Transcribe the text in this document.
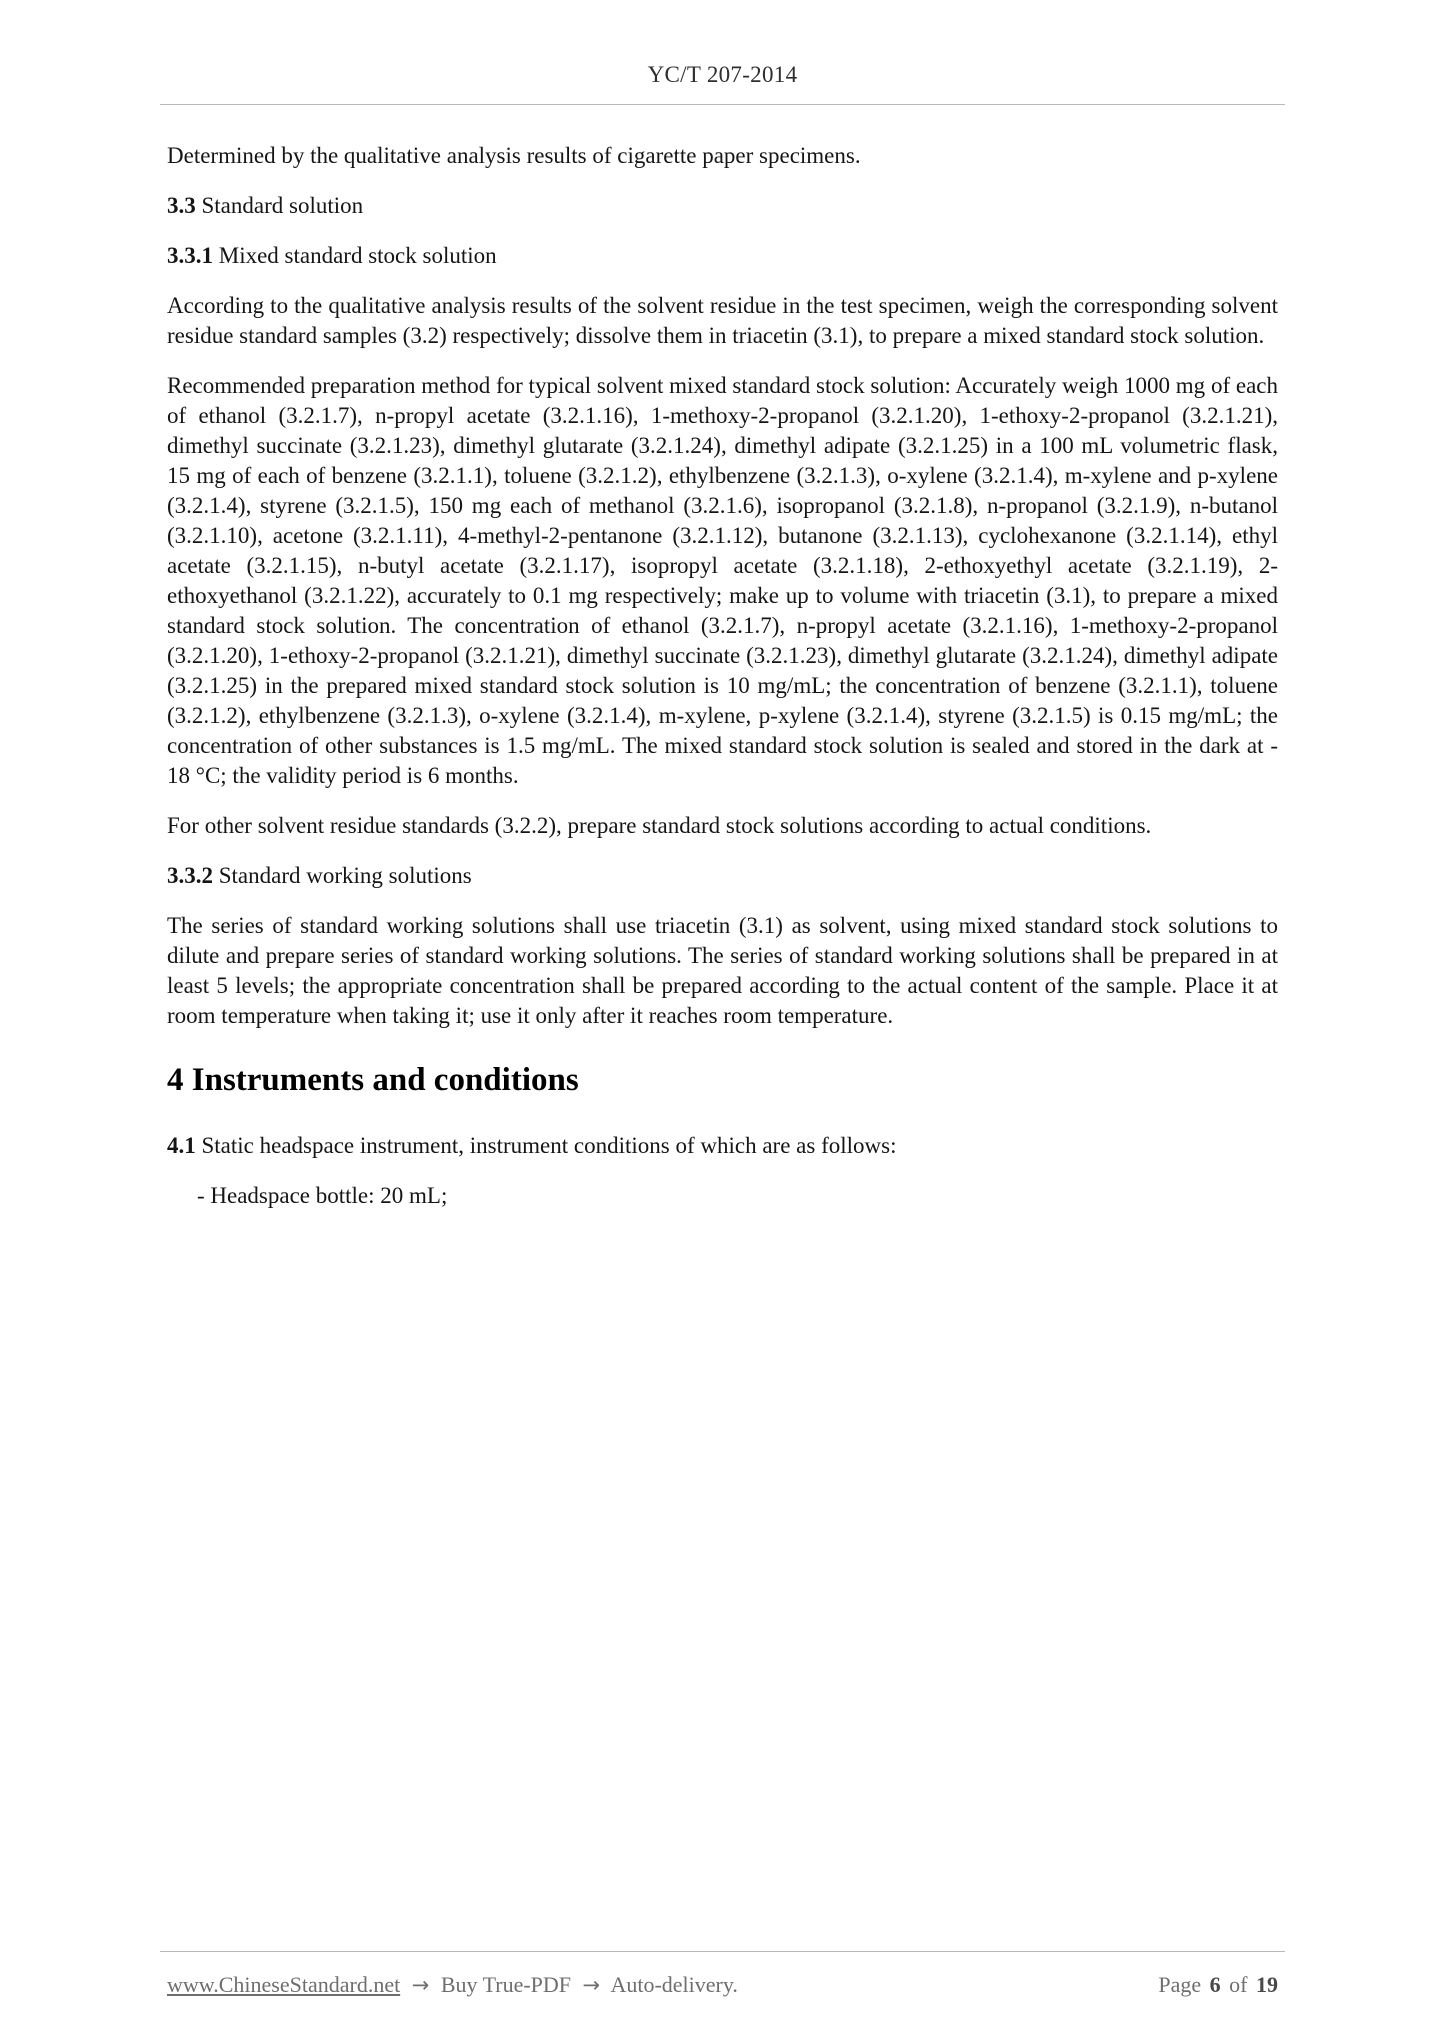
YC/T 207-2014

Determined by the qualitative analysis results of cigarette paper specimens.

3.3 Standard solution

3.3.1 Mixed standard stock solution

According to the qualitative analysis results of the solvent residue in the test specimen, weigh the corresponding solvent residue standard samples (3.2) respectively; dissolve them in triacetin (3.1), to prepare a mixed standard stock solution.

Recommended preparation method for typical solvent mixed standard stock solution: Accurately weigh 1000 mg of each of ethanol (3.2.1.7), n-propyl acetate (3.2.1.16), 1-methoxy-2-propanol (3.2.1.20), 1-ethoxy-2-propanol (3.2.1.21), dimethyl succinate (3.2.1.23), dimethyl glutarate (3.2.1.24), dimethyl adipate (3.2.1.25) in a 100 mL volumetric flask, 15 mg of each of benzene (3.2.1.1), toluene (3.2.1.2), ethylbenzene (3.2.1.3), o-xylene (3.2.1.4), m-xylene and p-xylene (3.2.1.4), styrene (3.2.1.5), 150 mg each of methanol (3.2.1.6), isopropanol (3.2.1.8), n-propanol (3.2.1.9), n-butanol (3.2.1.10), acetone (3.2.1.11), 4-methyl-2-pentanone (3.2.1.12), butanone (3.2.1.13), cyclohexanone (3.2.1.14), ethyl acetate (3.2.1.15), n-butyl acetate (3.2.1.17), isopropyl acetate (3.2.1.18), 2-ethoxyethyl acetate (3.2.1.19), 2-ethoxyethanol (3.2.1.22), accurately to 0.1 mg respectively; make up to volume with triacetin (3.1), to prepare a mixed standard stock solution. The concentration of ethanol (3.2.1.7), n-propyl acetate (3.2.1.16), 1-methoxy-2-propanol (3.2.1.20), 1-ethoxy-2-propanol (3.2.1.21), dimethyl succinate (3.2.1.23), dimethyl glutarate (3.2.1.24), dimethyl adipate (3.2.1.25) in the prepared mixed standard stock solution is 10 mg/mL; the concentration of benzene (3.2.1.1), toluene (3.2.1.2), ethylbenzene (3.2.1.3), o-xylene (3.2.1.4), m-xylene, p-xylene (3.2.1.4), styrene (3.2.1.5) is 0.15 mg/mL; the concentration of other substances is 1.5 mg/mL. The mixed standard stock solution is sealed and stored in the dark at - 18 °C; the validity period is 6 months.

For other solvent residue standards (3.2.2), prepare standard stock solutions according to actual conditions.

3.3.2 Standard working solutions

The series of standard working solutions shall use triacetin (3.1) as solvent, using mixed standard stock solutions to dilute and prepare series of standard working solutions. The series of standard working solutions shall be prepared in at least 5 levels; the appropriate concentration shall be prepared according to the actual content of the sample. Place it at room temperature when taking it; use it only after it reaches room temperature.

4 Instruments and conditions

4.1 Static headspace instrument, instrument conditions of which are as follows:

- Headspace bottle: 20 mL;

www.ChineseStandard.net → Buy True-PDF → Auto-delivery.	Page 6 of 19
